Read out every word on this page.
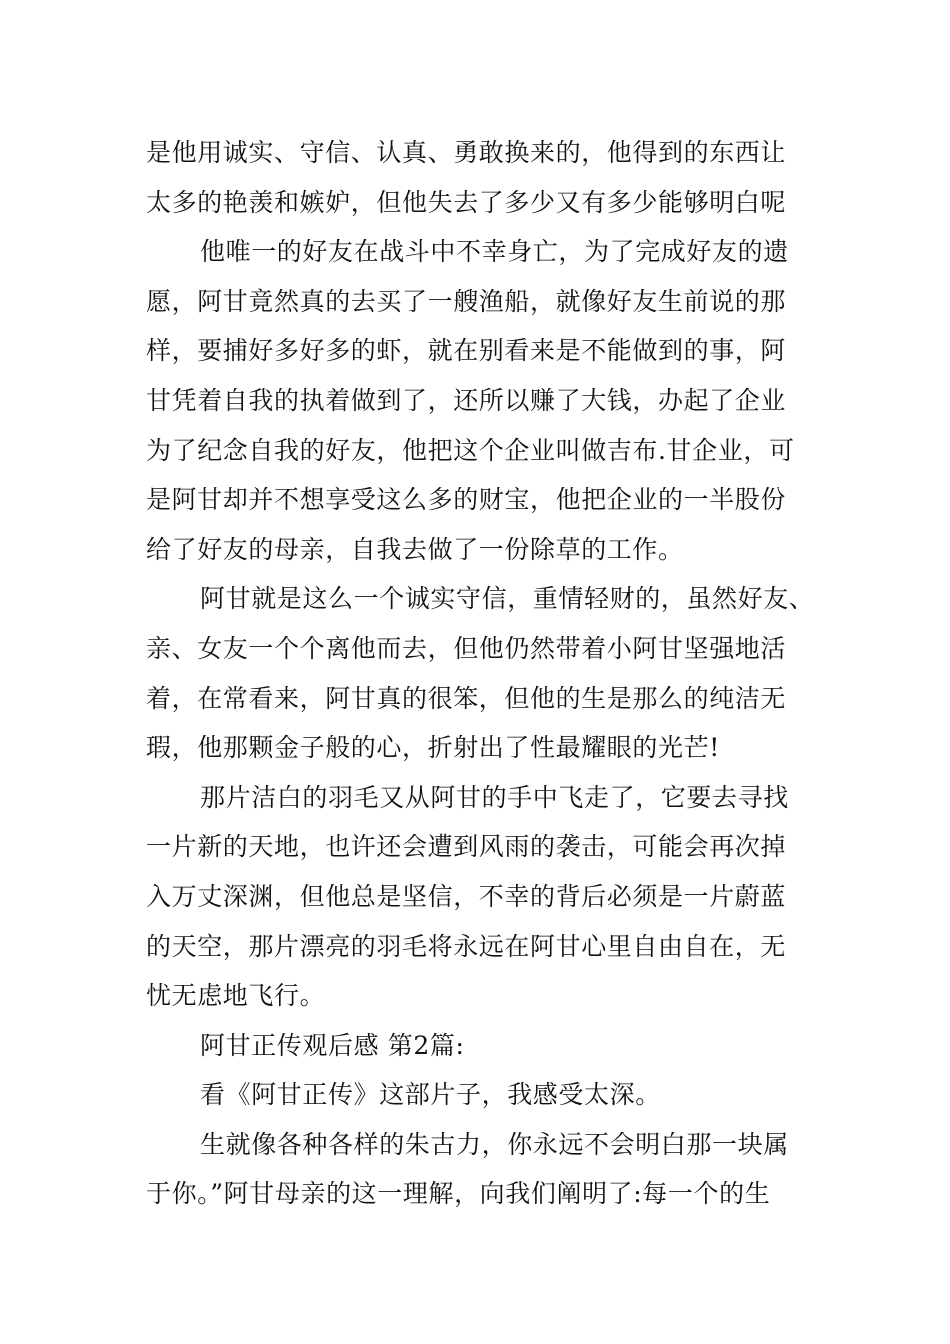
是他用诚实、守信、认真、勇敢换来的，他得到的东西让
太多的艳羡和嫉妒，但他失去了多少又有多少能够明白呢
他唯一的好友在战斗中不幸身亡，为了完成好友的遗
愿，阿甘竟然真的去买了一艘渔船，就像好友生前说的那
样，要捕好多好多的虾，就在别看来是不能做到的事，阿
甘凭着自我的执着做到了，还所以赚了大钱，办起了企业
为了纪念自我的好友，他把这个企业叫做吉布.甘企业，可
是阿甘却并不想享受这么多的财宝，他把企业的一半股份
给了好友的母亲，自我去做了一份除草的工作。
阿甘就是这么一个诚实守信，重情轻财的，虽然好友、
亲、女友一个个离他而去，但他仍然带着小阿甘坚强地活
着，在常看来，阿甘真的很笨，但他的生是那么的纯洁无
瑕，他那颗金子般的心，折射出了性最耀眼的光芒!
那片洁白的羽毛又从阿甘的手中飞走了，它要去寻找
一片新的天地，也许还会遭到风雨的袭击，可能会再次掉
入万丈深渊，但他总是坚信，不幸的背后必须是一片蔚蓝
的天空，那片漂亮的羽毛将永远在阿甘心里自由自在，无
忧无虑地飞行。
阿甘正传观后感 第2篇:
看《阿甘正传》这部片子，我感受太深。
生就像各种各样的朱古力，你永远不会明白那一块属
于你。”阿甘母亲的这一理解，向我们阐明了:每一个的生
